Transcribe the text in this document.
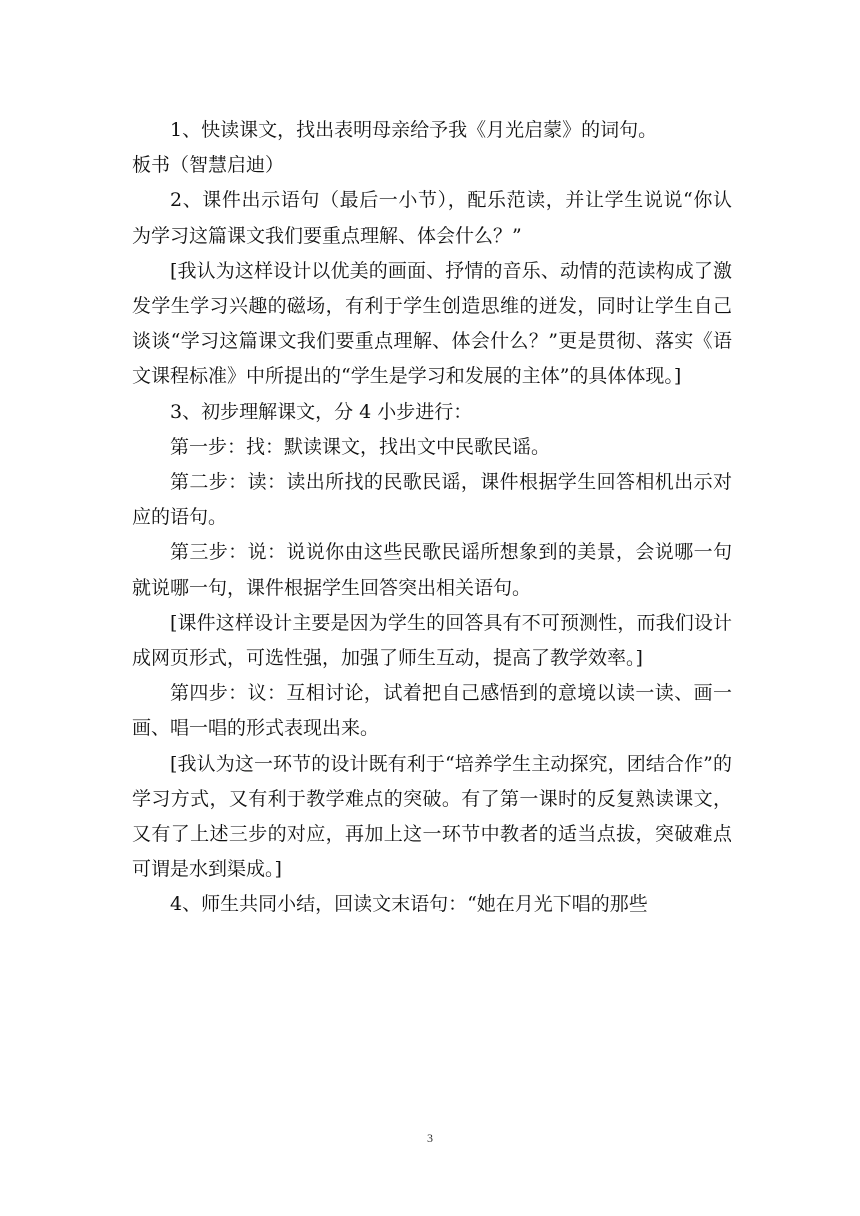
1、快读课文，找出表明母亲给予我《月光启蒙》的词句。

板书（智慧启迪）

2、课件出示语句（最后一小节），配乐范读，并让学生说说“你认为学习这篇课文我们要重点理解、体会什么？”

[我认为这样设计以优美的画面、抒情的音乐、动情的范读构成了激发学生学习兴趣的磁场，有利于学生创造思维的迸发，同时让学生自己谈谈“学习这篇课文我们要重点理解、体会什么？”更是贯彻、落实《语文课程标准》中所提出的“学生是学习和发展的主体”的具体体现。]

3、初步理解课文，分 4 小步进行：

第一步：找：默读课文，找出文中民歌民谣。

第二步：读：读出所找的民歌民谣，课件根据学生回答相机出示对应的语句。

第三步：说：说说你由这些民歌民谣所想象到的美景，会说哪一句就说哪一句，课件根据学生回答突出相关语句。

[课件这样设计主要是因为学生的回答具有不可预测性，而我们设计成网页形式，可选性强，加强了师生互动，提高了教学效率。]

第四步：议：互相讨论，试着把自己感悟到的意境以读一读、画一画、唱一唱的形式表现出来。

[我认为这一环节的设计既有利于“培养学生主动探究，团结合作”的学习方式，又有利于教学难点的突破。有了第一课时的反复熟读课文，又有了上述三步的对应，再加上这一环节中教者的适当点拔，突破难点可谓是水到渠成。]

4、师生共同小结，回读文末语句：“她在月光下唱的那些

3
